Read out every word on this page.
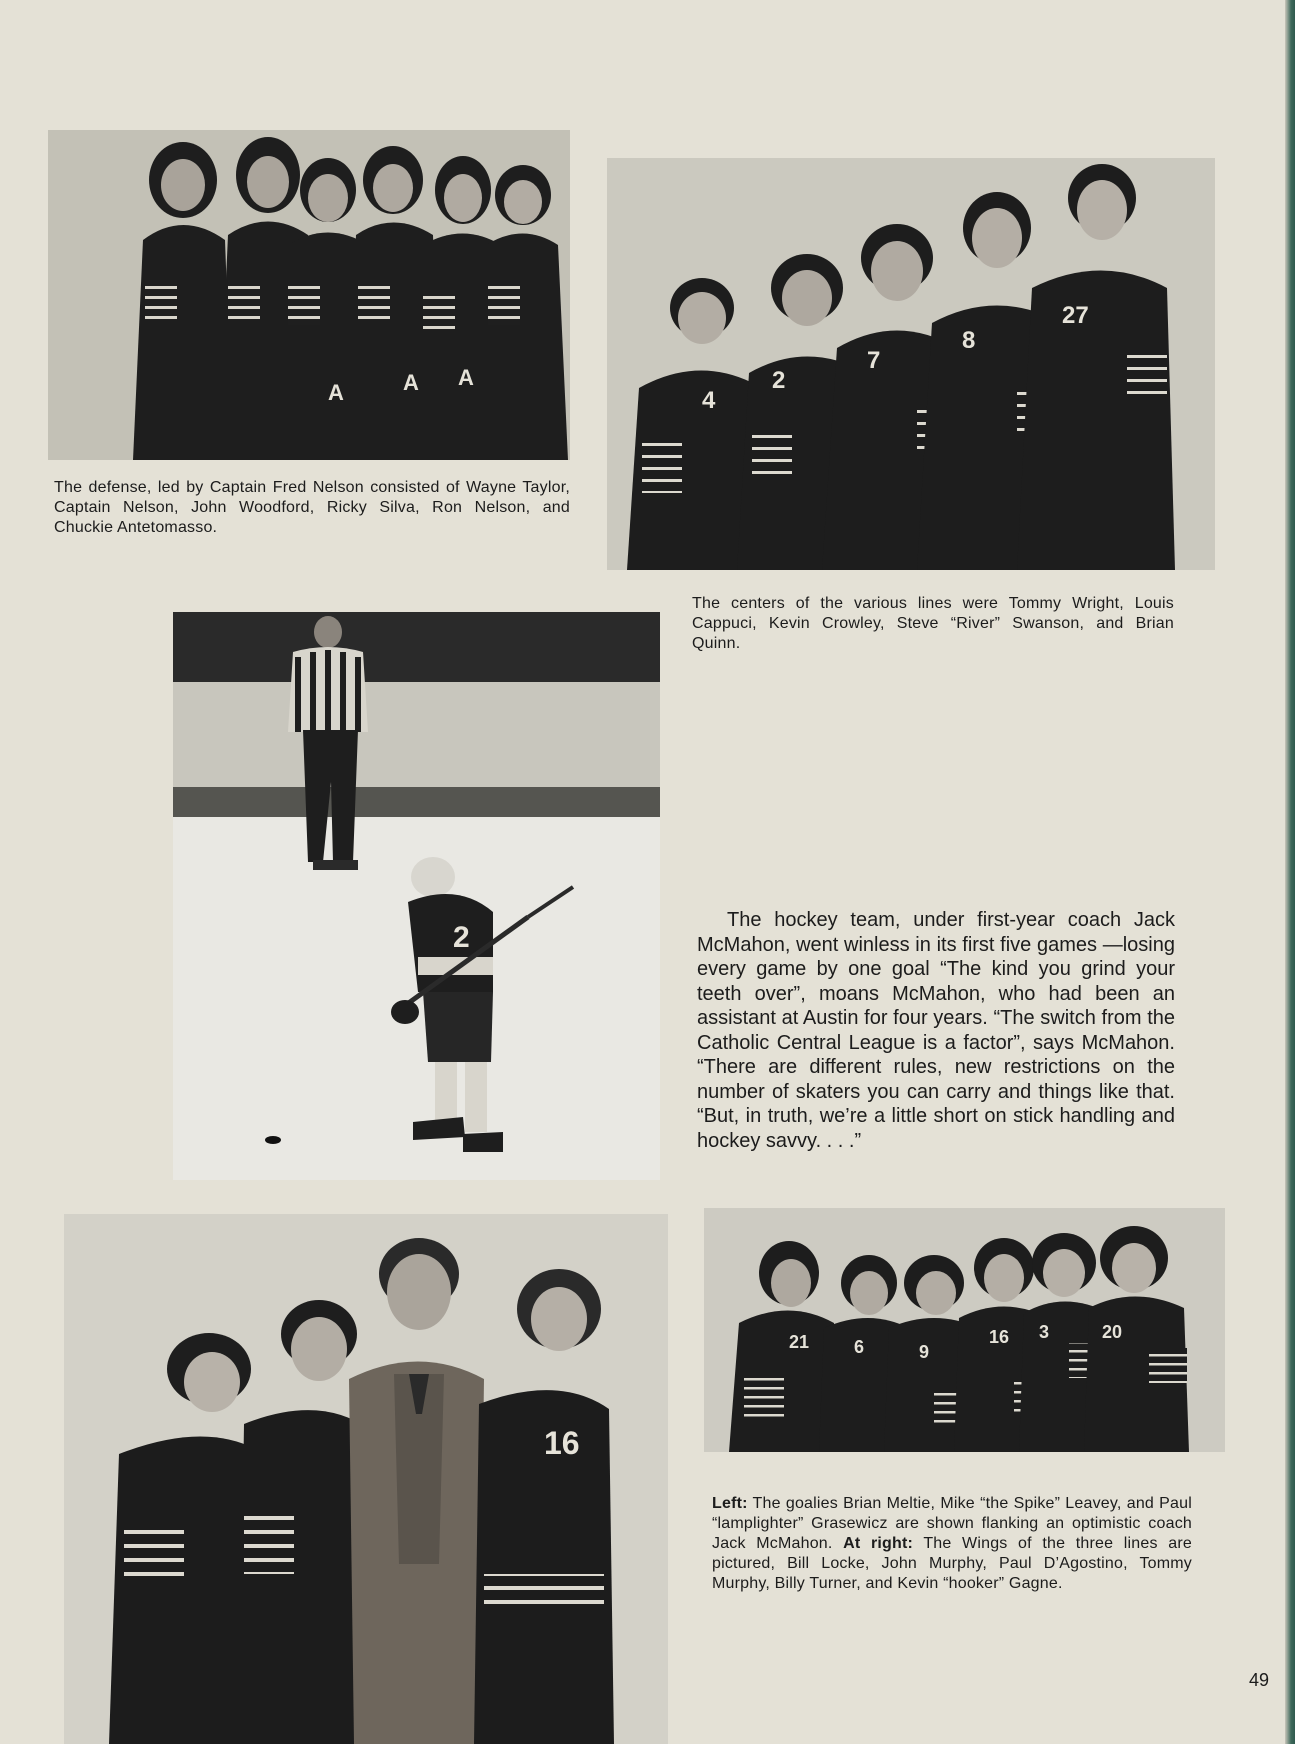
A	A A

The defense, led by Captain Fred Nelson consisted of Wayne Taylor, Captain Nelson, John Woodford, Ricky Silva, Ron Nelson, and Chuckie Antetomasso.

4
2
7
8
27

The centers of the various lines were Tommy Wright, Louis Cappuci, Kevin Crowley, Steve “River” Swanson, and Brian Quinn.

2

The hockey team, under first-year coach Jack McMahon, went winless in its first five games —losing every game by one goal “The kind you grind your teeth over”, moans McMahon, who had been an assistant at Austin for four years. “The switch from the Catholic Central League is a factor”, says McMahon. “There are different rules, new restrictions on the number of skaters you can carry and things like that. “But, in truth, we’re a little short on stick handling and hockey savvy. . . .”

16
21 6	9
16 3	20

Left: The goalies Brian Meltie, Mike “the Spike” Leavey, and Paul “lamplighter” Grasewicz are shown flanking an optimistic coach Jack McMahon. At right: The Wings of the three lines are pictured, Bill Locke, John Murphy, Paul D’Agostino, Tommy Murphy, Billy Turner, and Kevin “hooker” Gagne.

49
